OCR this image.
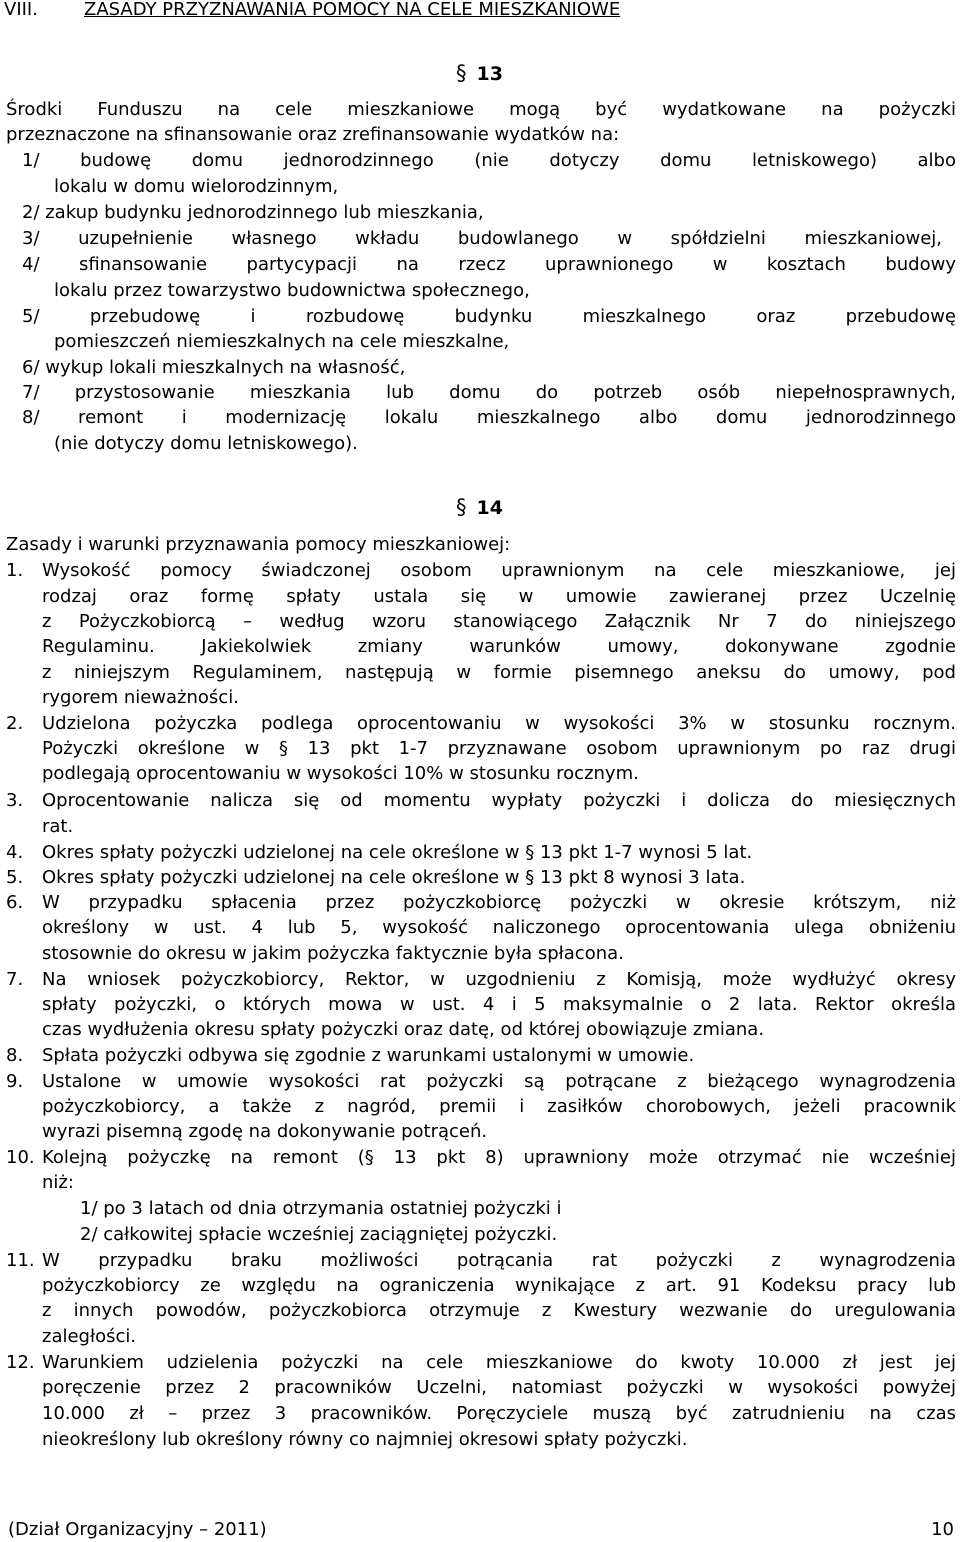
VIII.	ZASADY PRZYZNAWANIA POMOCY NA CELE MIESZKANIOWE
§ 13
Środki Funduszu na cele mieszkaniowe mogą być wydatkowane na pożyczki
przeznaczone na sfinansowanie oraz zrefinansowanie wydatków na:
1/ budowę domu jednorodzinnego (nie dotyczy domu letniskowego) albo
lokalu w domu wielorodzinnym,
2/ zakup budynku jednorodzinnego lub mieszkania,
3/ uzupełnienie własnego wkładu budowlanego w spółdzielni mieszkaniowej,
4/ sfinansowanie partycypacji na rzecz uprawnionego w kosztach budowy
lokalu przez towarzystwo budownictwa społecznego,
5/ przebudowę i rozbudowę budynku mieszkalnego oraz przebudowę
pomieszczeń niemieszkalnych na cele mieszkalne,
6/ wykup lokali mieszkalnych na własność,
7/ przystosowanie mieszkania lub domu do potrzeb osób niepełnosprawnych,
8/ remont i modernizację lokalu mieszkalnego albo domu jednorodzinnego
(nie dotyczy domu letniskowego).
§ 14
Zasady i warunki przyznawania pomocy mieszkaniowej:
1. Wysokość pomocy świadczonej osobom uprawnionym na cele mieszkaniowe, jej
rodzaj oraz formę spłaty ustala się w umowie zawieranej przez Uczelnię
z Pożyczkobiorcą – według wzoru stanowiącego Załącznik Nr 7 do niniejszego
Regulaminu. Jakiekolwiek zmiany warunków umowy, dokonywane zgodnie
z niniejszym Regulaminem, następują w formie pisemnego aneksu do umowy, pod
rygorem nieważności.
2. Udzielona pożyczka podlega oprocentowaniu w wysokości 3% w stosunku rocznym.
Pożyczki określone w § 13 pkt 1-7 przyznawane osobom uprawnionym po raz drugi
podlegają oprocentowaniu w wysokości 10% w stosunku rocznym.
3. Oprocentowanie nalicza się od momentu wypłaty pożyczki i dolicza do miesięcznych
rat.
4. Okres spłaty pożyczki udzielonej na cele określone w § 13 pkt 1-7 wynosi 5 lat.
5. Okres spłaty pożyczki udzielonej na cele określone w § 13 pkt 8 wynosi 3 lata.
6. W przypadku spłacenia przez pożyczkobiorcę pożyczki w okresie krótszym, niż
określony w ust. 4 lub 5, wysokość naliczonego oprocentowania ulega obniżeniu
stosownie do okresu w jakim pożyczka faktycznie była spłacona.
7. Na wniosek pożyczkobiorcy, Rektor, w uzgodnieniu z Komisją, może wydłużyć okresy
spłaty pożyczki, o których mowa w ust. 4 i 5 maksymalnie o 2 lata. Rektor określa
czas wydłużenia okresu spłaty pożyczki oraz datę, od której obowiązuje zmiana.
8. Spłata pożyczki odbywa się zgodnie z warunkami ustalonymi w umowie.
9. Ustalone w umowie wysokości rat pożyczki są potrącane z bieżącego wynagrodzenia
pożyczkobiorcy, a także z nagród, premii i zasiłków chorobowych, jeżeli pracownik
wyrazi pisemną zgodę na dokonywanie potrąceń.
10. Kolejną pożyczkę na remont (§ 13 pkt 8) uprawniony może otrzymać nie wcześniej
niż:
1/ po 3 latach od dnia otrzymania ostatniej pożyczki i
2/ całkowitej spłacie wcześniej zaciągniętej pożyczki.
11. W przypadku braku możliwości potrącania rat pożyczki z wynagrodzenia
pożyczkobiorcy ze względu na ograniczenia wynikające z art. 91 Kodeksu pracy lub
z innych powodów, pożyczkobiorca otrzymuje z Kwestury wezwanie do uregulowania
zaległości.
12. Warunkiem udzielenia pożyczki na cele mieszkaniowe do kwoty 10.000 zł jest jej
poręczenie przez 2 pracowników Uczelni, natomiast pożyczki w wysokości powyżej
10.000 zł – przez 3 pracowników. Poręczyciele muszą być zatrudnieniu na czas
nieokreślony lub określony równy co najmniej okresowi spłaty pożyczki.
(Dział Organizacyjny – 2011)	10
